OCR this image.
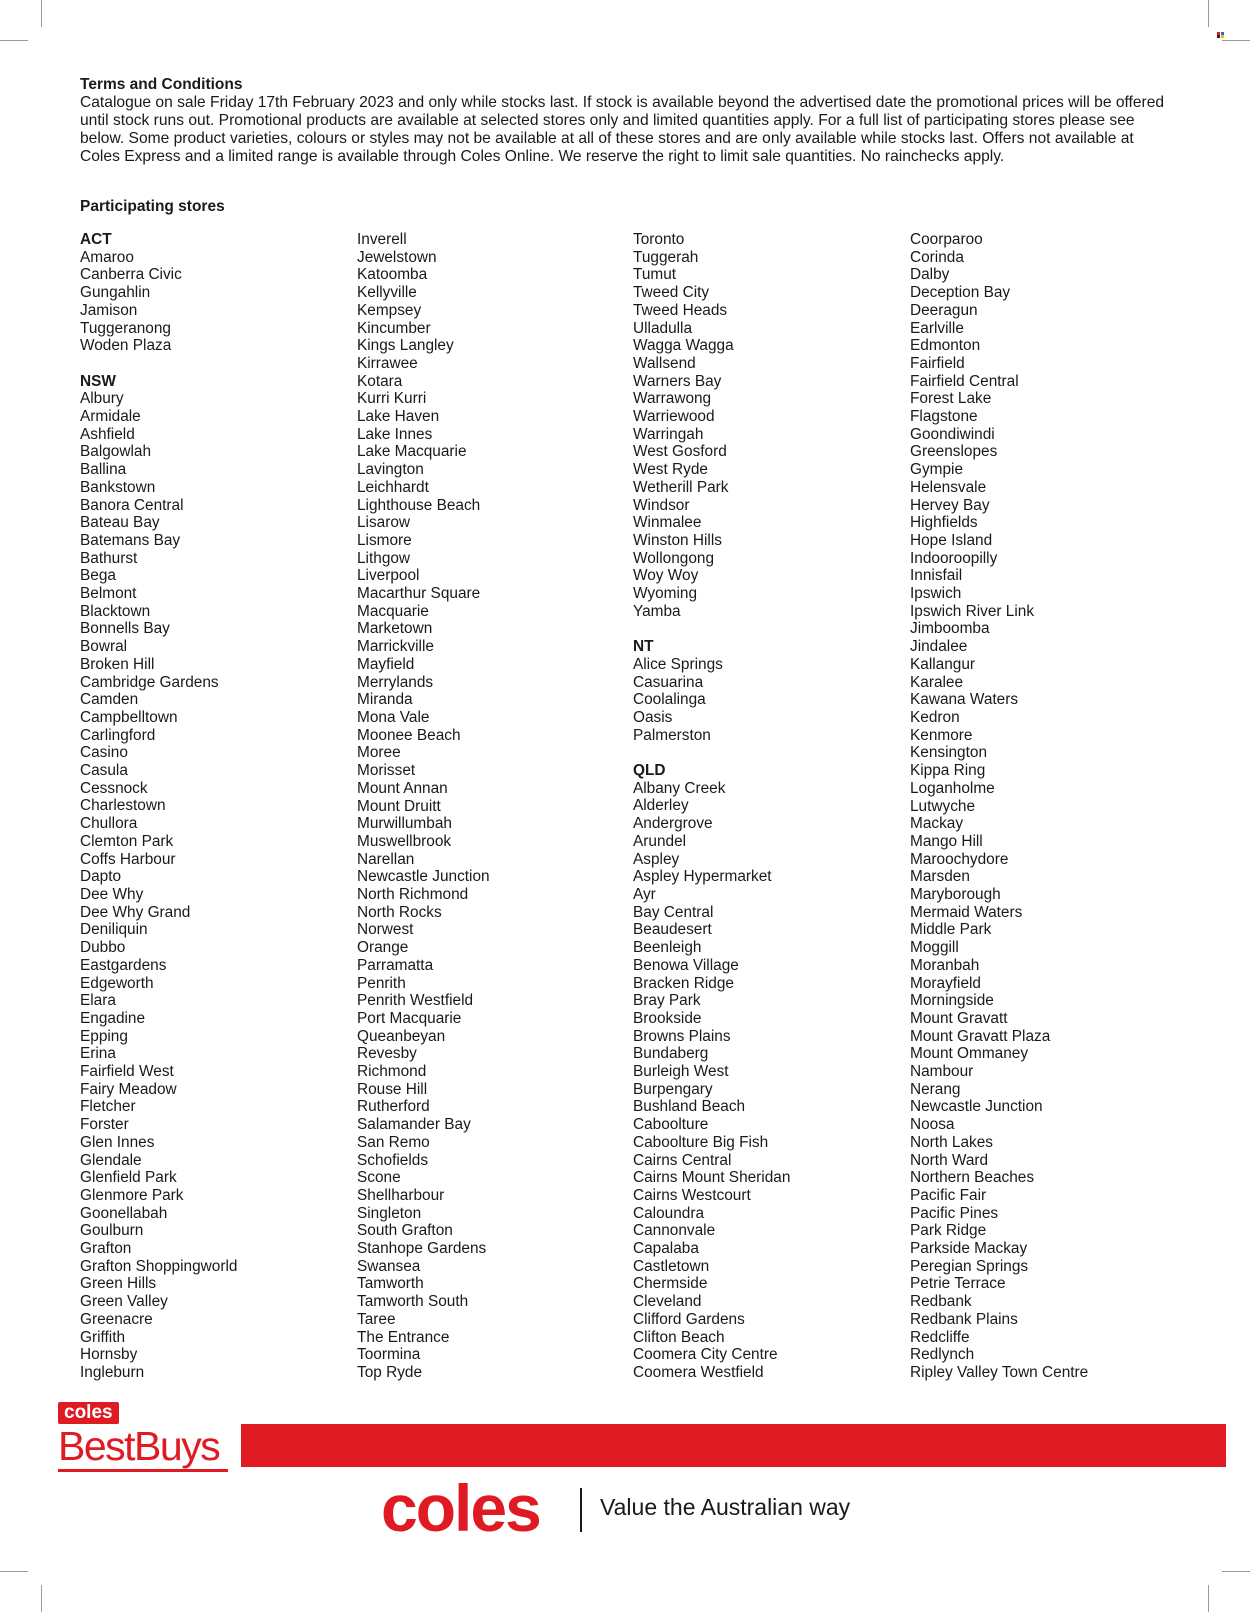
Terms and Conditions

Catalogue on sale Friday 17th February 2023 and only while stocks last. If stock is available beyond the advertised date the promotional prices will be offered until stock runs out. Promotional products are available at selected stores only and limited quantities apply. For a full list of participating stores please see below. Some product varieties, colours or styles may not be available at all of these stores and are only available while stocks last. Offers not available at Coles Express and a limited range is available through Coles Online. We reserve the right to limit sale quantities. No rainchecks apply.

Participating stores
ACT
Amaroo
Canberra Civic
Gungahlin
Jamison
Tuggeranong
Woden Plaza
NSW
Albury
Armidale
Ashfield
Balgowlah
Ballina
Bankstown
Banora Central
Bateau Bay
Batemans Bay
Bathurst
Bega
Belmont
Blacktown
Bonnells Bay
Bowral
Broken Hill
Cambridge Gardens
Camden
Campbelltown
Carlingford
Casino
Casula
Cessnock
Charlestown
Chullora
Clemton Park
Coffs Harbour
Dapto
Dee Why
Dee Why Grand
Deniliquin
Dubbo
Eastgardens
Edgeworth
Elara
Engadine
Epping
Erina
Fairfield West
Fairy Meadow
Fletcher
Forster
Glen Innes
Glendale
Glenfield Park
Glenmore Park
Goonellabah
Goulburn
Grafton
Grafton Shoppingworld
Green Hills
Green Valley
Greenacre
Griffith
Hornsby
Ingleburn
Inverell
Jewelstown
Katoomba
Kellyville
Kempsey
Kincumber
Kings Langley
Kirrawee
Kotara
Kurri Kurri
Lake Haven
Lake Innes
Lake Macquarie
Lavington
Leichhardt
Lighthouse Beach
Lisarow
Lismore
Lithgow
Liverpool
Macarthur Square
Macquarie
Marketown
Marrickville
Mayfield
Merrylands
Miranda
Mona Vale
Moonee Beach
Moree
Morisset
Mount Annan
Mount Druitt
Murwillumbah
Muswellbrook
Narellan
Newcastle Junction
North Richmond
North Rocks
Norwest
Orange
Parramatta
Penrith
Penrith Westfield
Port Macquarie
Queanbeyan
Revesby
Richmond
Rouse Hill
Rutherford
Salamander Bay
San Remo
Schofields
Scone
Shellharbour
Singleton
South Grafton
Stanhope Gardens
Swansea
Tamworth
Tamworth South
Taree
The Entrance
Toormina
Top Ryde
Toronto
Tuggerah
Tumut
Tweed City
Tweed Heads
Ulladulla
Wagga Wagga
Wallsend
Warners Bay
Warrawong
Warriewood
Warringah
West Gosford
West Ryde
Wetherill Park
Windsor
Winmalee
Winston Hills
Wollongong
Woy Woy
Wyoming
Yamba
NT
Alice Springs
Casuarina
Coolalinga
Oasis
Palmerston
QLD
Albany Creek
Alderley
Andergrove
Arundel
Aspley
Aspley Hypermarket
Ayr
Bay Central
Beaudesert
Beenleigh
Benowa Village
Bracken Ridge
Bray Park
Brookside
Browns Plains
Bundaberg
Burleigh West
Burpengary
Bushland Beach
Caboolture
Caboolture Big Fish
Cairns Central
Cairns Mount Sheridan
Cairns Westcourt
Caloundra
Cannonvale
Capalaba
Castletown
Chermside
Cleveland
Clifford Gardens
Clifton Beach
Coomera City Centre
Coomera Westfield
Coorparoo
Corinda
Dalby
Deception Bay
Deeragun
Earlville
Edmonton
Fairfield
Fairfield Central
Forest Lake
Flagstone
Goondiwindi
Greenslopes
Gympie
Helensvale
Hervey Bay
Highfields
Hope Island
Indooroopilly
Innisfail
Ipswich
Ipswich River Link
Jimboomba
Jindalee
Kallangur
Karalee
Kawana Waters
Kedron
Kenmore
Kensington
Kippa Ring
Loganholme
Lutwyche
Mackay
Mango Hill
Maroochydore
Marsden
Maryborough
Mermaid Waters
Middle Park
Moggill
Moranbah
Morayfield
Morningside
Mount Gravatt
Mount Gravatt Plaza
Mount Ommaney
Nambour
Nerang
Newcastle Junction
Noosa
North Lakes
North Ward
Northern Beaches
Pacific Fair
Pacific Pines
Park Ridge
Parkside Mackay
Peregian Springs
Petrie Terrace
Redbank
Redbank Plains
Redcliffe
Redlynch
Ripley Valley Town Centre
coles
BestBuys
coles	Value the Australian way
